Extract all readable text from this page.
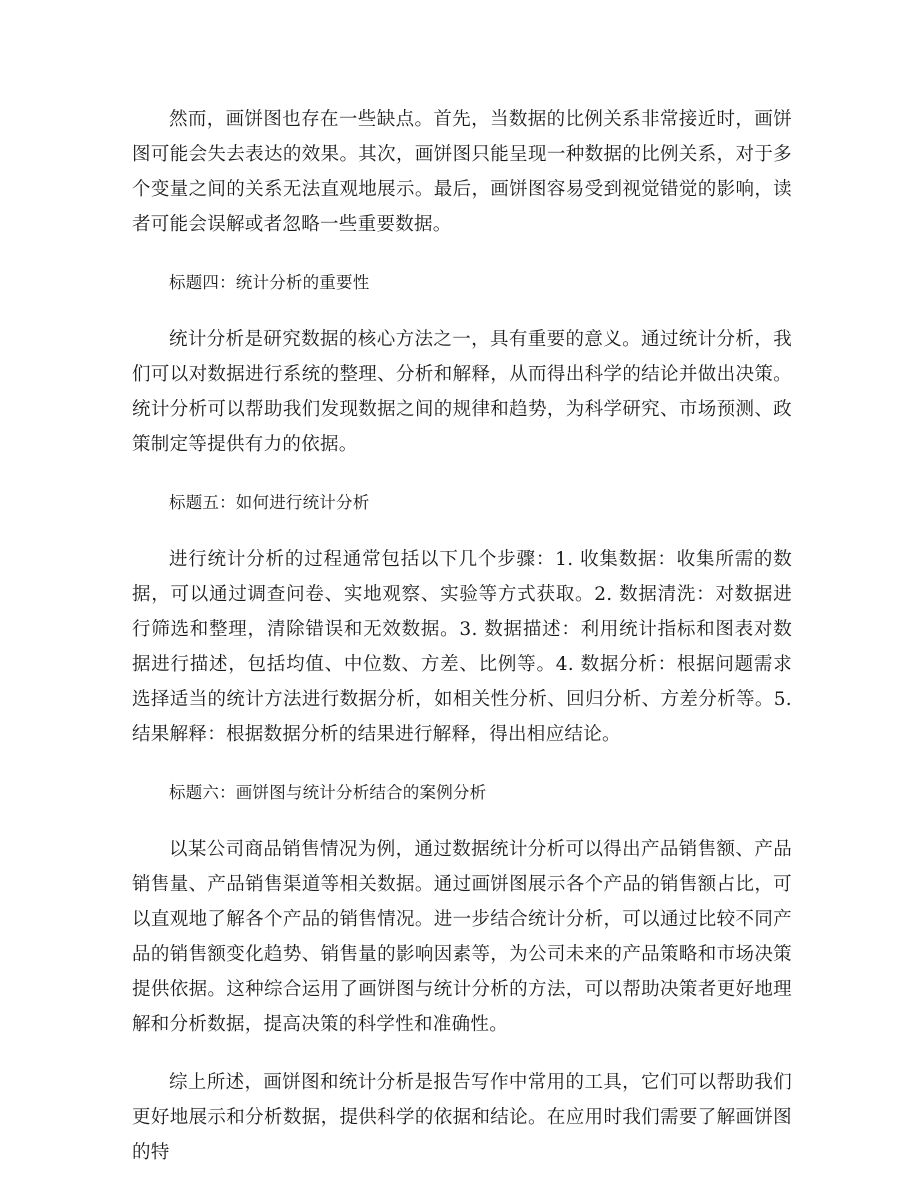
然而，画饼图也存在一些缺点。首先，当数据的比例关系非常接近时，画饼图可能会失去表达的效果。其次，画饼图只能呈现一种数据的比例关系，对于多个变量之间的关系无法直观地展示。最后，画饼图容易受到视觉错觉的影响，读者可能会误解或者忽略一些重要数据。

标题四：统计分析的重要性

统计分析是研究数据的核心方法之一，具有重要的意义。通过统计分析，我们可以对数据进行系统的整理、分析和解释，从而得出科学的结论并做出决策。统计分析可以帮助我们发现数据之间的规律和趋势，为科学研究、市场预测、政策制定等提供有力的依据。

标题五：如何进行统计分析

进行统计分析的过程通常包括以下几个步骤：1. 收集数据：收集所需的数据，可以通过调查问卷、实地观察、实验等方式获取。2. 数据清洗：对数据进行筛选和整理，清除错误和无效数据。3. 数据描述：利用统计指标和图表对数据进行描述，包括均值、中位数、方差、比例等。4. 数据分析：根据问题需求选择适当的统计方法进行数据分析，如相关性分析、回归分析、方差分析等。5. 结果解释：根据数据分析的结果进行解释，得出相应结论。

标题六：画饼图与统计分析结合的案例分析

以某公司商品销售情况为例，通过数据统计分析可以得出产品销售额、产品销售量、产品销售渠道等相关数据。通过画饼图展示各个产品的销售额占比，可以直观地了解各个产品的销售情况。进一步结合统计分析，可以通过比较不同产品的销售额变化趋势、销售量的影响因素等，为公司未来的产品策略和市场决策提供依据。这种综合运用了画饼图与统计分析的方法，可以帮助决策者更好地理解和分析数据，提高决策的科学性和准确性。

综上所述，画饼图和统计分析是报告写作中常用的工具，它们可以帮助我们更好地展示和分析数据，提供科学的依据和结论。在应用时我们需要了解画饼图的特
